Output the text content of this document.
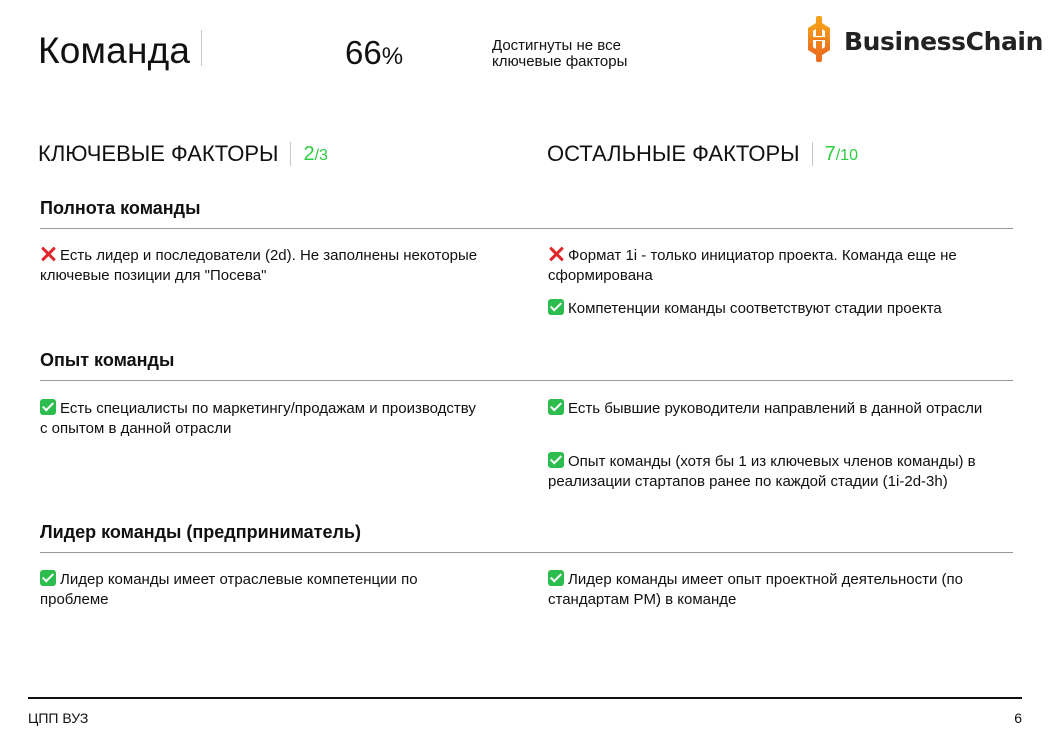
Команда	66%	Достигнуты не все ключевые факторы
BusinessChain
КЛЮЧЕВЫЕ ФАКТОРЫ 2/3	ОСТАЛЬНЫЕ ФАКТОРЫ 7/10
Полнота команды
Есть лидер и последователи (2d). Не заполнены некоторые ключевые позиции для "Посева"
Формат 1i - только инициатор проекта. Команда еще не сформирована
Компетенции команды соответствуют стадии проекта
Опыт команды
Есть специалисты по маркетингу/продажам и производству с опытом в данной отрасли
Есть бывшие руководители направлений в данной отрасли
Опыт команды (хотя бы 1 из ключевых членов команды) в реализации стартапов ранее по каждой стадии (1i-2d-3h)
Лидер команды (предприниматель)
Лидер команды имеет отраслевые компетенции по проблеме
Лидер команды имеет опыт проектной деятельности (по стандартам PM) в команде
ЦПП ВУЗ	6
